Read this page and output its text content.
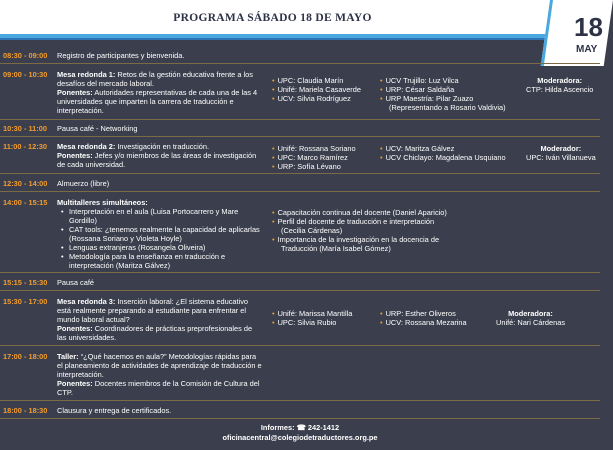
PROGRAMA SÁBADO 18 DE MAYO	18
MAY
08:30 - 09:00 Registro de participantes y bienvenida.
09:00 - 10:30 Mesa redonda 1: Retos de la gestión educativa frente a los desafíos del mercado laboral.
Ponentes: Autoridades representativas de cada una de las 4 universidades que imparten la carrera de traducción e interpretación.
• UPC: Claudia Marín
• Unifé: Mariela Casaverde
• UCV: Silvia Rodríguez
• UCV Trujillo: Luz Vilca
• URP: César Saldaña
• URP Maestría: Pilar Zuazo
(Representando a Rosario Valdivia)
Moderadora:
CTP: Hilda Ascencio
10:30 - 11:00 Pausa café - Networking
11:00 - 12:30 Mesa redonda 2: Investigación en traducción.
Ponentes: Jefes y/o miembros de las áreas de investigación de cada universidad.
• Unifé: Rossana Soriano
• UPC: Marco Ramírez
• URP: Sofía Lévano
• UCV: Maritza Gálvez
• UCV Chiclayo: Magdalena Usquiano
Moderador:
UPC: Iván Villanueva
12:30 - 14:00 Almuerzo (libre)
14:00 - 15:15 Multitalleres simultáneos:
• Interpretación en el aula (Luisa Portocarrero y Mare Gordillo)
• CAT tools: ¿tenemos realmente la capacidad de aplicarlas (Rossana Soriano y Violeta Hoyle)
• Lenguas extranjeras (Rosangela Oliveira)
• Metodología para la enseñanza en traducción e interpretación (Maritza Gálvez)
• Capacitación continua del docente (Daniel Aparicio)
• Perfil del docente de traducción e interpretación
(Cecilia Cárdenas)
• Importancia de la investigación en la docencia de
Traducción (María Isabel Gómez)
15:15 - 15:30 Pausa café
15:30 - 17:00 Mesa redonda 3: Inserción laboral: ¿El sistema educativo está realmente preparando al estudiante para enfrentar el mundo laboral actual?
Ponentes: Coordinadores de prácticas preprofesionales de las universidades.
• Unifé: Marissa Mantilla
• UPC: Silvia Rubio
• URP: Esther Oliveros
• UCV: Rossana Mezarina
Moderadora:
Unifé: Nari Cárdenas
17:00 - 18:00 Taller: “¿Qué hacemos en aula?” Metodologías rápidas para el planeamiento de actividades de aprendizaje de traducción e interpretación.
Ponentes: Docentes miembros de la Comisión de Cultura del CTP.
18:00 - 18:30 Clausura y entrega de certificados.
Informes: ☎ 242-1412
oficinacentral@colegiodetraductores.org.pe
